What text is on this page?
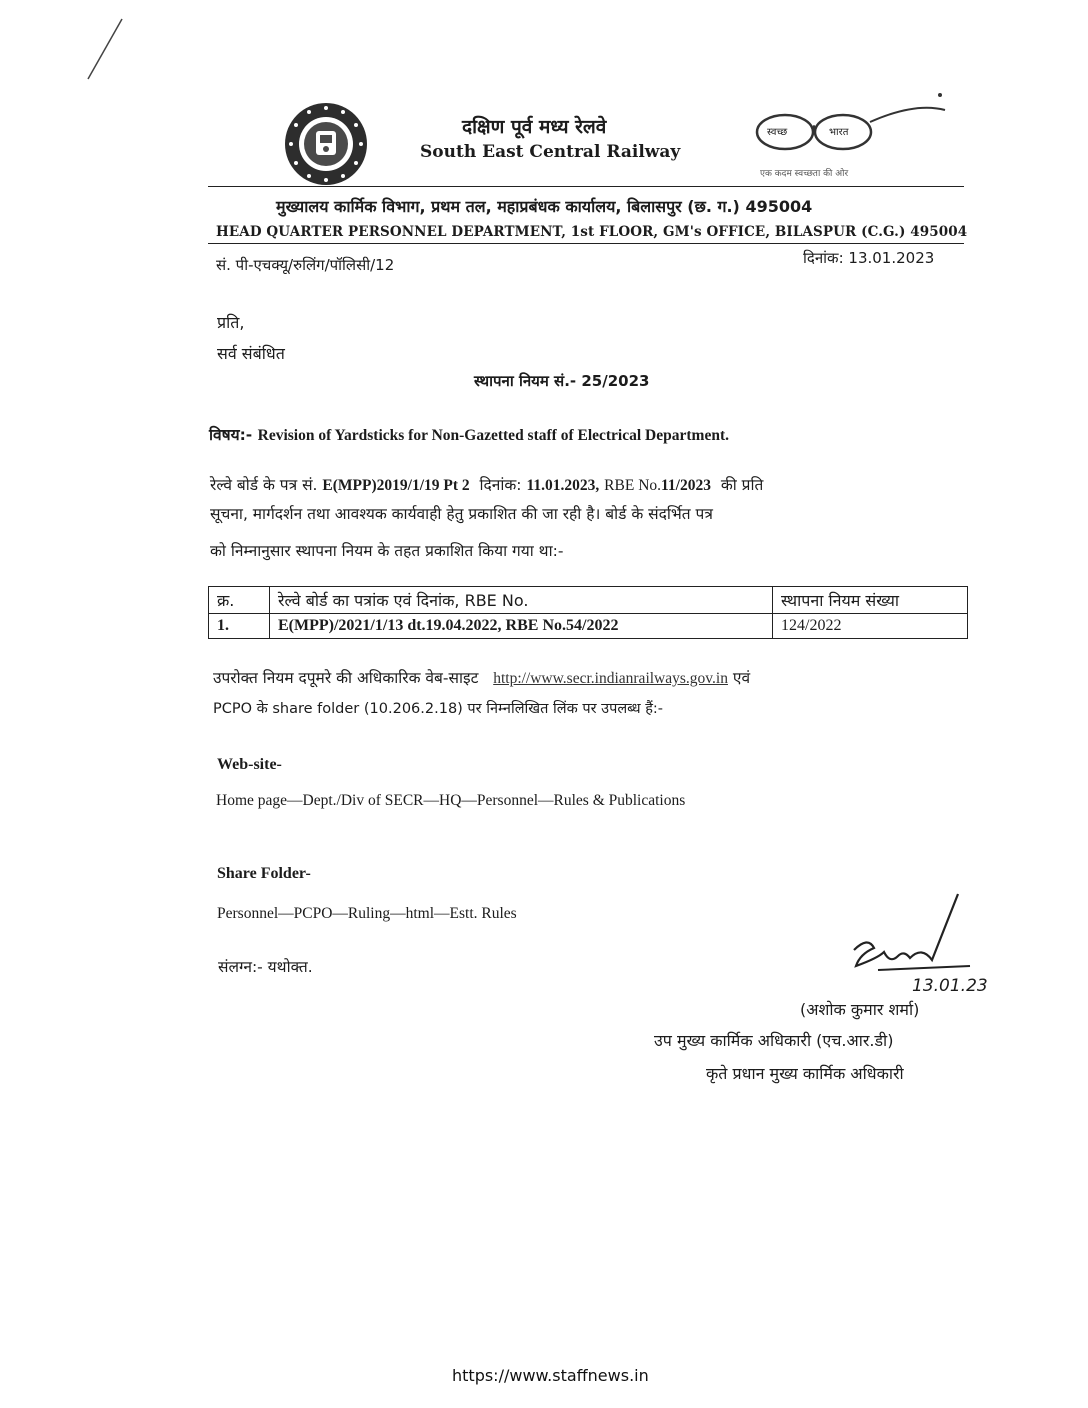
दक्षिण पूर्व मध्य रेलवे
South East Central Railway
स्वच्छ	भारत
एक कदम स्वच्छता की ओर
मुख्यालय कार्मिक विभाग, प्रथम तल, महाप्रबंधक कार्यालय, बिलासपुर (छ. ग.) 495004
HEAD QUARTER PERSONNEL DEPARTMENT, 1st FLOOR, GM's OFFICE, BILASPUR (C.G.) 495004
सं. पी-एचक्यू/रुलिंग/पॉलिसी/12	दिनांक: 13.01.2023
प्रति,
सर्व संबंधित
स्थापना नियम सं.- 25/2023
विषय:- Revision of Yardsticks for Non-Gazetted staff of Electrical Department.
रेल्वे बोर्ड के पत्र सं. E(MPP)2019/1/19 Pt 2 दिनांक: 11.01.2023, RBE No.11/2023 की प्रति
सूचना, मार्गदर्शन तथा आवश्यक कार्यवाही हेतु प्रकाशित की जा रही है। बोर्ड के संदर्भित पत्र
को निम्नानुसार स्थापना नियम के तहत प्रकाशित किया गया था:-
क्र.	रेल्वे बोर्ड का पत्रांक एवं दिनांक, RBE No.	स्थापना नियम संख्या
1.	E(MPP)/2021/1/13 dt.19.04.2022, RBE No.54/2022	124/2022
उपरोक्त नियम दपूमरे की अधिकारिक वेब-साइट http://www.secr.indianrailways.gov.in एवं
PCPO के share folder (10.206.2.18) पर निम्नलिखित लिंक पर उपलब्ध हैं:-
Web-site-
Home page—Dept./Div of SECR—HQ—Personnel—Rules & Publications
Share Folder-
Personnel—PCPO—Ruling—html—Estt. Rules
संलग्न:- यथोक्त.
13.01.23
(अशोक कुमार शर्मा)
उप मुख्य कार्मिक अधिकारी (एच.आर.डी)
कृते प्रधान मुख्य कार्मिक अधिकारी
https://www.staffnews.in
